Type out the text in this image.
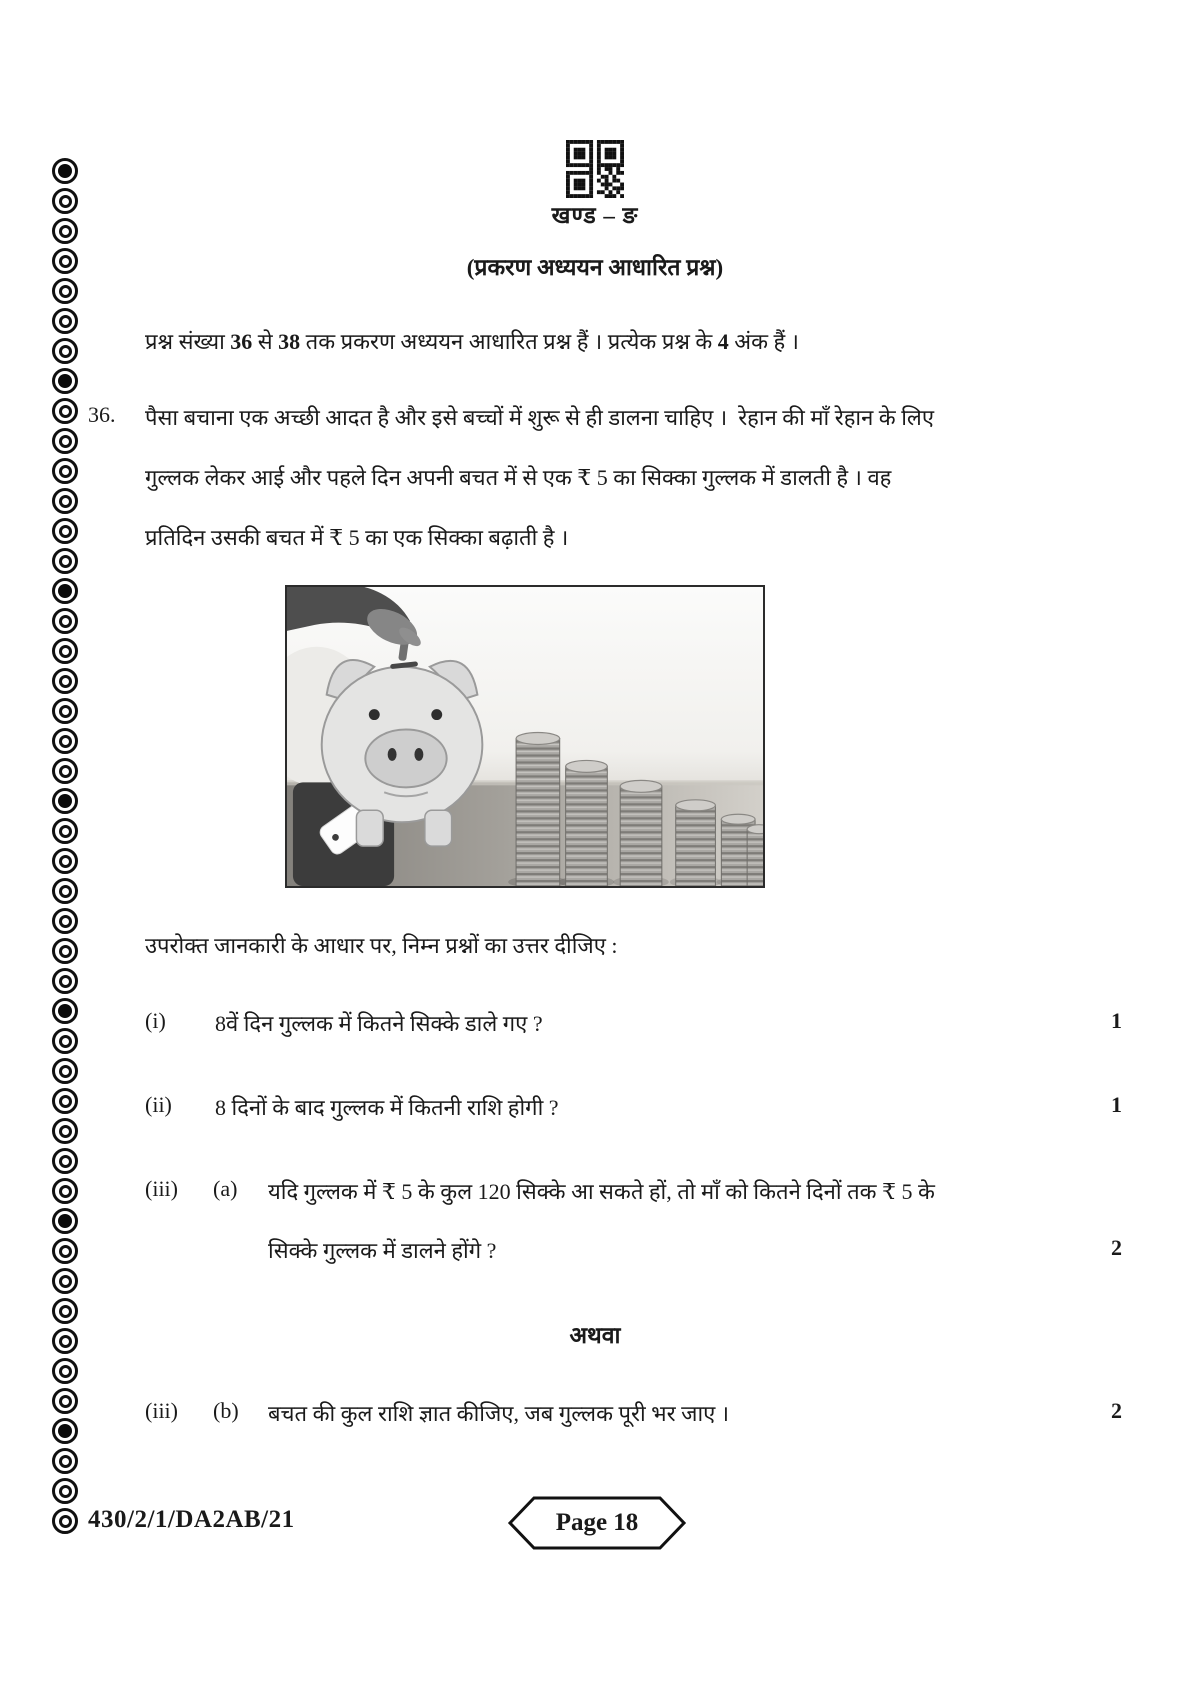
खण्ड – ङ
(प्रकरण अध्ययन आधारित प्रश्न)
प्रश्न संख्या 36 से 38 तक प्रकरण अध्ययन आधारित प्रश्न हैं । प्रत्येक प्रश्न के 4 अंक हैं ।
36. पैसा बचाना एक अच्छी आदत है और इसे बच्चों में शुरू से ही डालना चाहिए ।  रेहान की माँ रेहान के लिए
गुल्लक लेकर आई और पहले दिन अपनी बचत में से एक ₹ 5 का सिक्का गुल्लक में डालती है । वह
प्रतिदिन उसकी बचत में ₹ 5 का एक सिक्का बढ़ाती है ।
उपरोक्त जानकारी के आधार पर, निम्न प्रश्नों का उत्तर दीजिए :
(i) 8वें दिन गुल्लक में कितने सिक्के डाले गए ?	1
(ii) 8 दिनों के बाद गुल्लक में कितनी राशि होगी ?	1
(iii) (a) यदि गुल्लक में ₹ 5 के कुल 120 सिक्के आ सकते हों, तो माँ को कितने दिनों तक ₹ 5 के
सिक्के गुल्लक में डालने होंगे ?	2
अथवा
(iii) (b) बचत की कुल राशि ज्ञात कीजिए, जब गुल्लक पूरी भर जाए ।	2
430/2/1/DA2AB/21	Page 18
